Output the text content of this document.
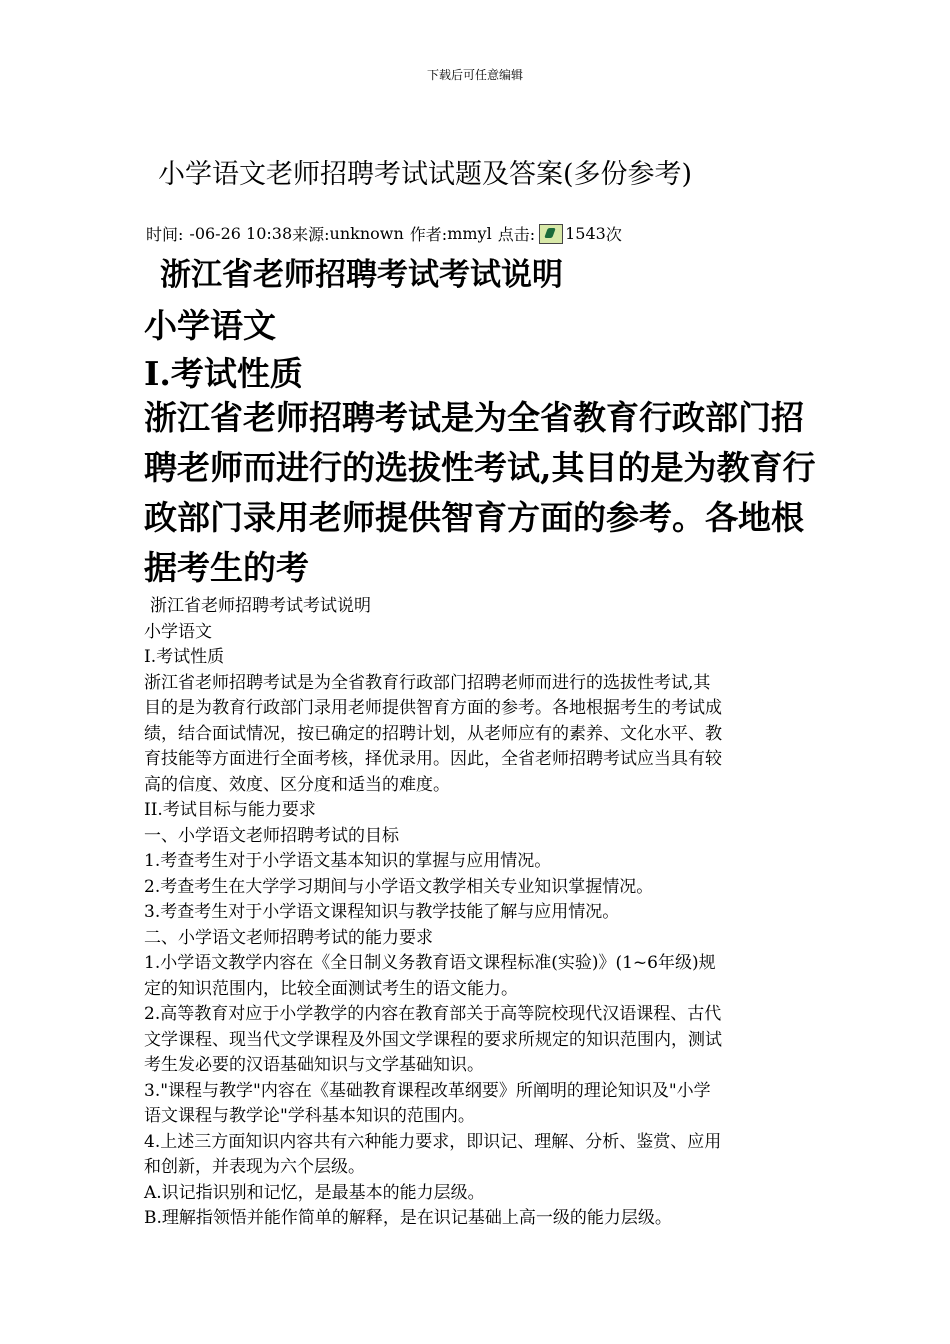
下载后可任意编辑
小学语文老师招聘考试试题及答案(多份参考)
时间: -06-26 10:38 来源: unknown 作者: mmyl 点击: 1543 次
浙江省老师招聘考试考试说明
小学语文
I.考试性质
浙江省老师招聘考试是为全省教育行政部门招
聘老师而进行的选拔性考试,其目的是为教育行
政部门录用老师提供智育方面的参考。各地根
据考生的考
浙江省老师招聘考试考试说明
小学语文
I.考试性质
浙江省老师招聘考试是为全省教育行政部门招聘老师而进行的选拔性考试,其
目的是为教育行政部门录用老师提供智育方面的参考。各地根据考生的考试成
绩，结合面试情况，按已确定的招聘计划，从老师应有的素养、文化水平、教
育技能等方面进行全面考核，择优录用。因此，全省老师招聘考试应当具有较
高的信度、效度、区分度和适当的难度。
II.考试目标与能力要求
一、小学语文老师招聘考试的目标
1.考查考生对于小学语文基本知识的掌握与应用情况。
2.考查考生在大学学习期间与小学语文教学相关专业知识掌握情况。
3.考查考生对于小学语文课程知识与教学技能了解与应用情况。
二、小学语文老师招聘考试的能力要求
1.小学语文教学内容在《全日制义务教育语文课程标准(实验)》(1~6年级)规
定的知识范围内，比较全面测试考生的语文能力。
2.高等教育对应于小学教学的内容在教育部关于高等院校现代汉语课程、古代
文学课程、现当代文学课程及外国文学课程的要求所规定的知识范围内，测试
考生发必要的汉语基础知识与文学基础知识。
3."课程与教学"内容在《基础教育课程改革纲要》所阐明的理论知识及"小学
语文课程与教学论"学科基本知识的范围内。
4.上述三方面知识内容共有六种能力要求，即识记、理解、分析、鉴赏、应用
和创新，并表现为六个层级。
A.识记指识别和记忆，是最基本的能力层级。
B.理解指领悟并能作简单的解释，是在识记基础上高一级的能力层级。
